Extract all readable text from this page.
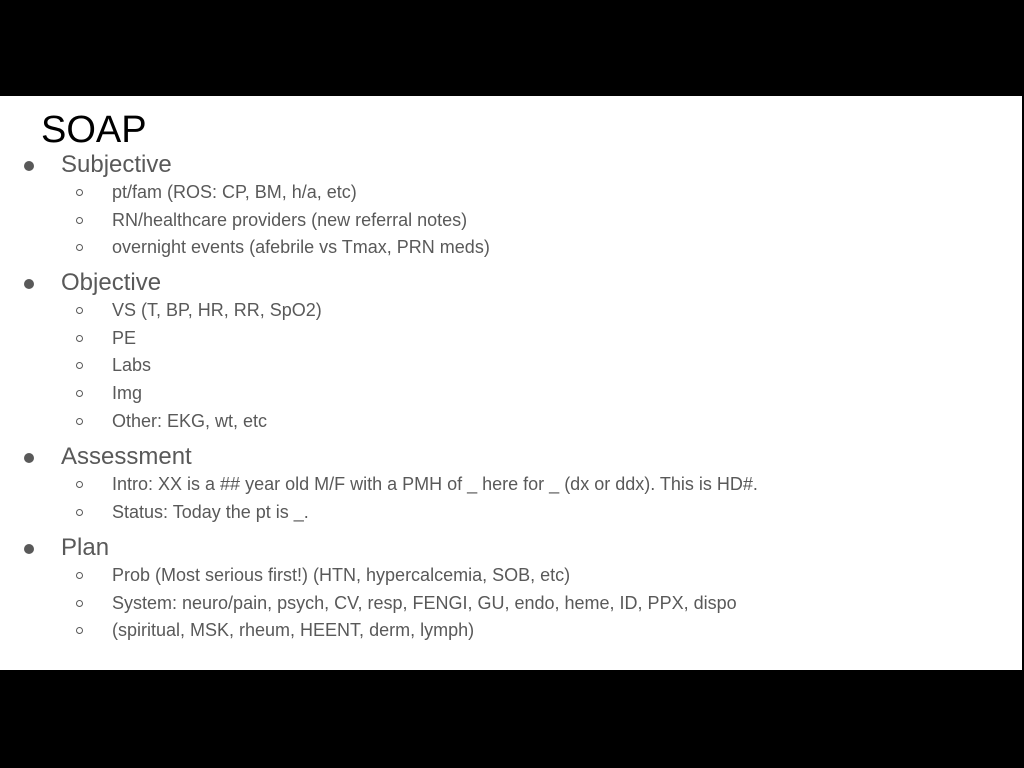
SOAP
Subjective
pt/fam (ROS: CP, BM, h/a, etc)
RN/healthcare providers (new referral notes)
overnight events (afebrile vs Tmax, PRN meds)
Objective
VS (T, BP, HR, RR, SpO2)
PE
Labs
Img
Other: EKG, wt, etc
Assessment
Intro: XX is a ## year old M/F with a PMH of _ here for _ (dx or ddx). This is HD#.
Status: Today the pt is _.
Plan
Prob (Most serious first!) (HTN, hypercalcemia, SOB, etc)
System: neuro/pain, psych, CV, resp, FENGI, GU, endo, heme, ID, PPX, dispo
(spiritual, MSK, rheum, HEENT, derm, lymph)
